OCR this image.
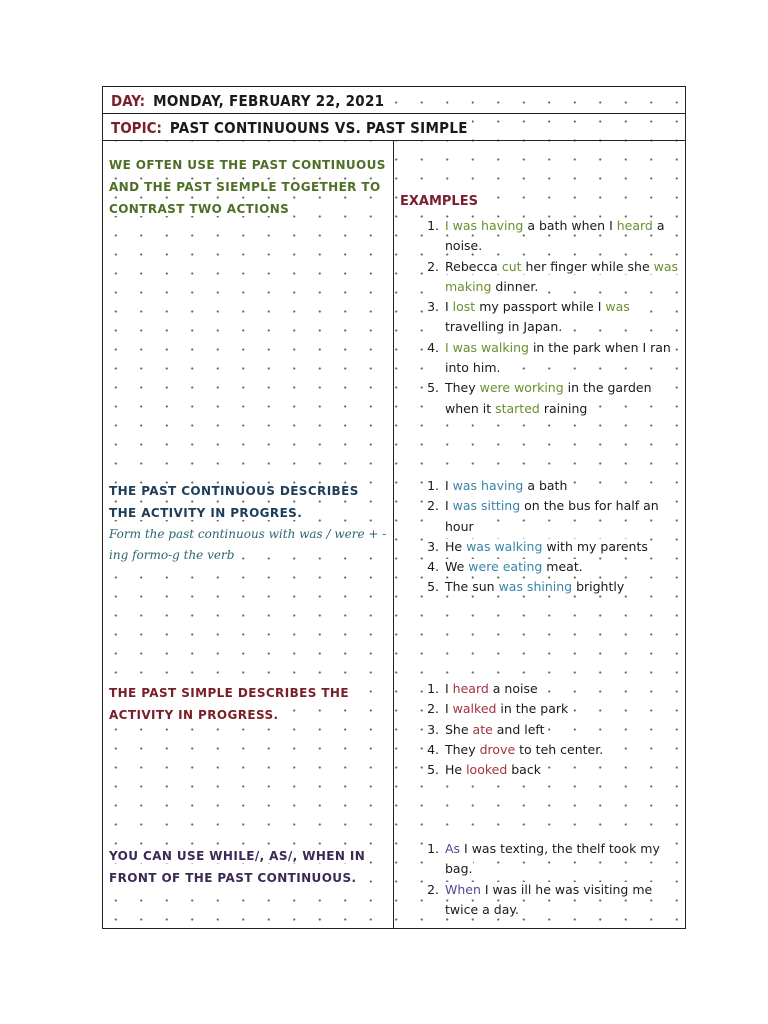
DAY: MONDAY, FEBRUARY 22, 2021
TOPIC: PAST CONTINUOUNS VS. PAST SIMPLE
WE OFTEN USE THE PAST CONTINUOUS AND THE PAST SIEMPLE TOGETHER TO CONTRAST TWO ACTIONS	EXAMPLES
1. I was having a bath when I heard a noise.
2. Rebecca cut her finger while she was making dinner.
3. I lost my passport while I was travelling in Japan.
4. I was walking in the park when I ran into him.
5. They were working in the garden when it started raining
THE PAST CONTINUOUS DESCRIBES THE ACTIVITY IN PROGRES.
Form the past continuous with was / were + -ing formo-g the verb
1. I was having a bath
2. I was sitting on the bus for half an hour
3. He was walking with my parents
4. We were eating meat.
5. The sun was shining brightly
THE PAST SIMPLE DESCRIBES THE ACTIVITY IN PROGRESS.
1. I heard a noise
2. I walked in the park
3. She ate and left
4. They drove to teh center.
5. He looked back
YOU CAN USE WHILE/, AS/, WHEN IN FRONT OF THE PAST CONTINUOUS.
1. As I was texting, the thelf took my bag.
2. When I was ill he was visiting me twice a day.
